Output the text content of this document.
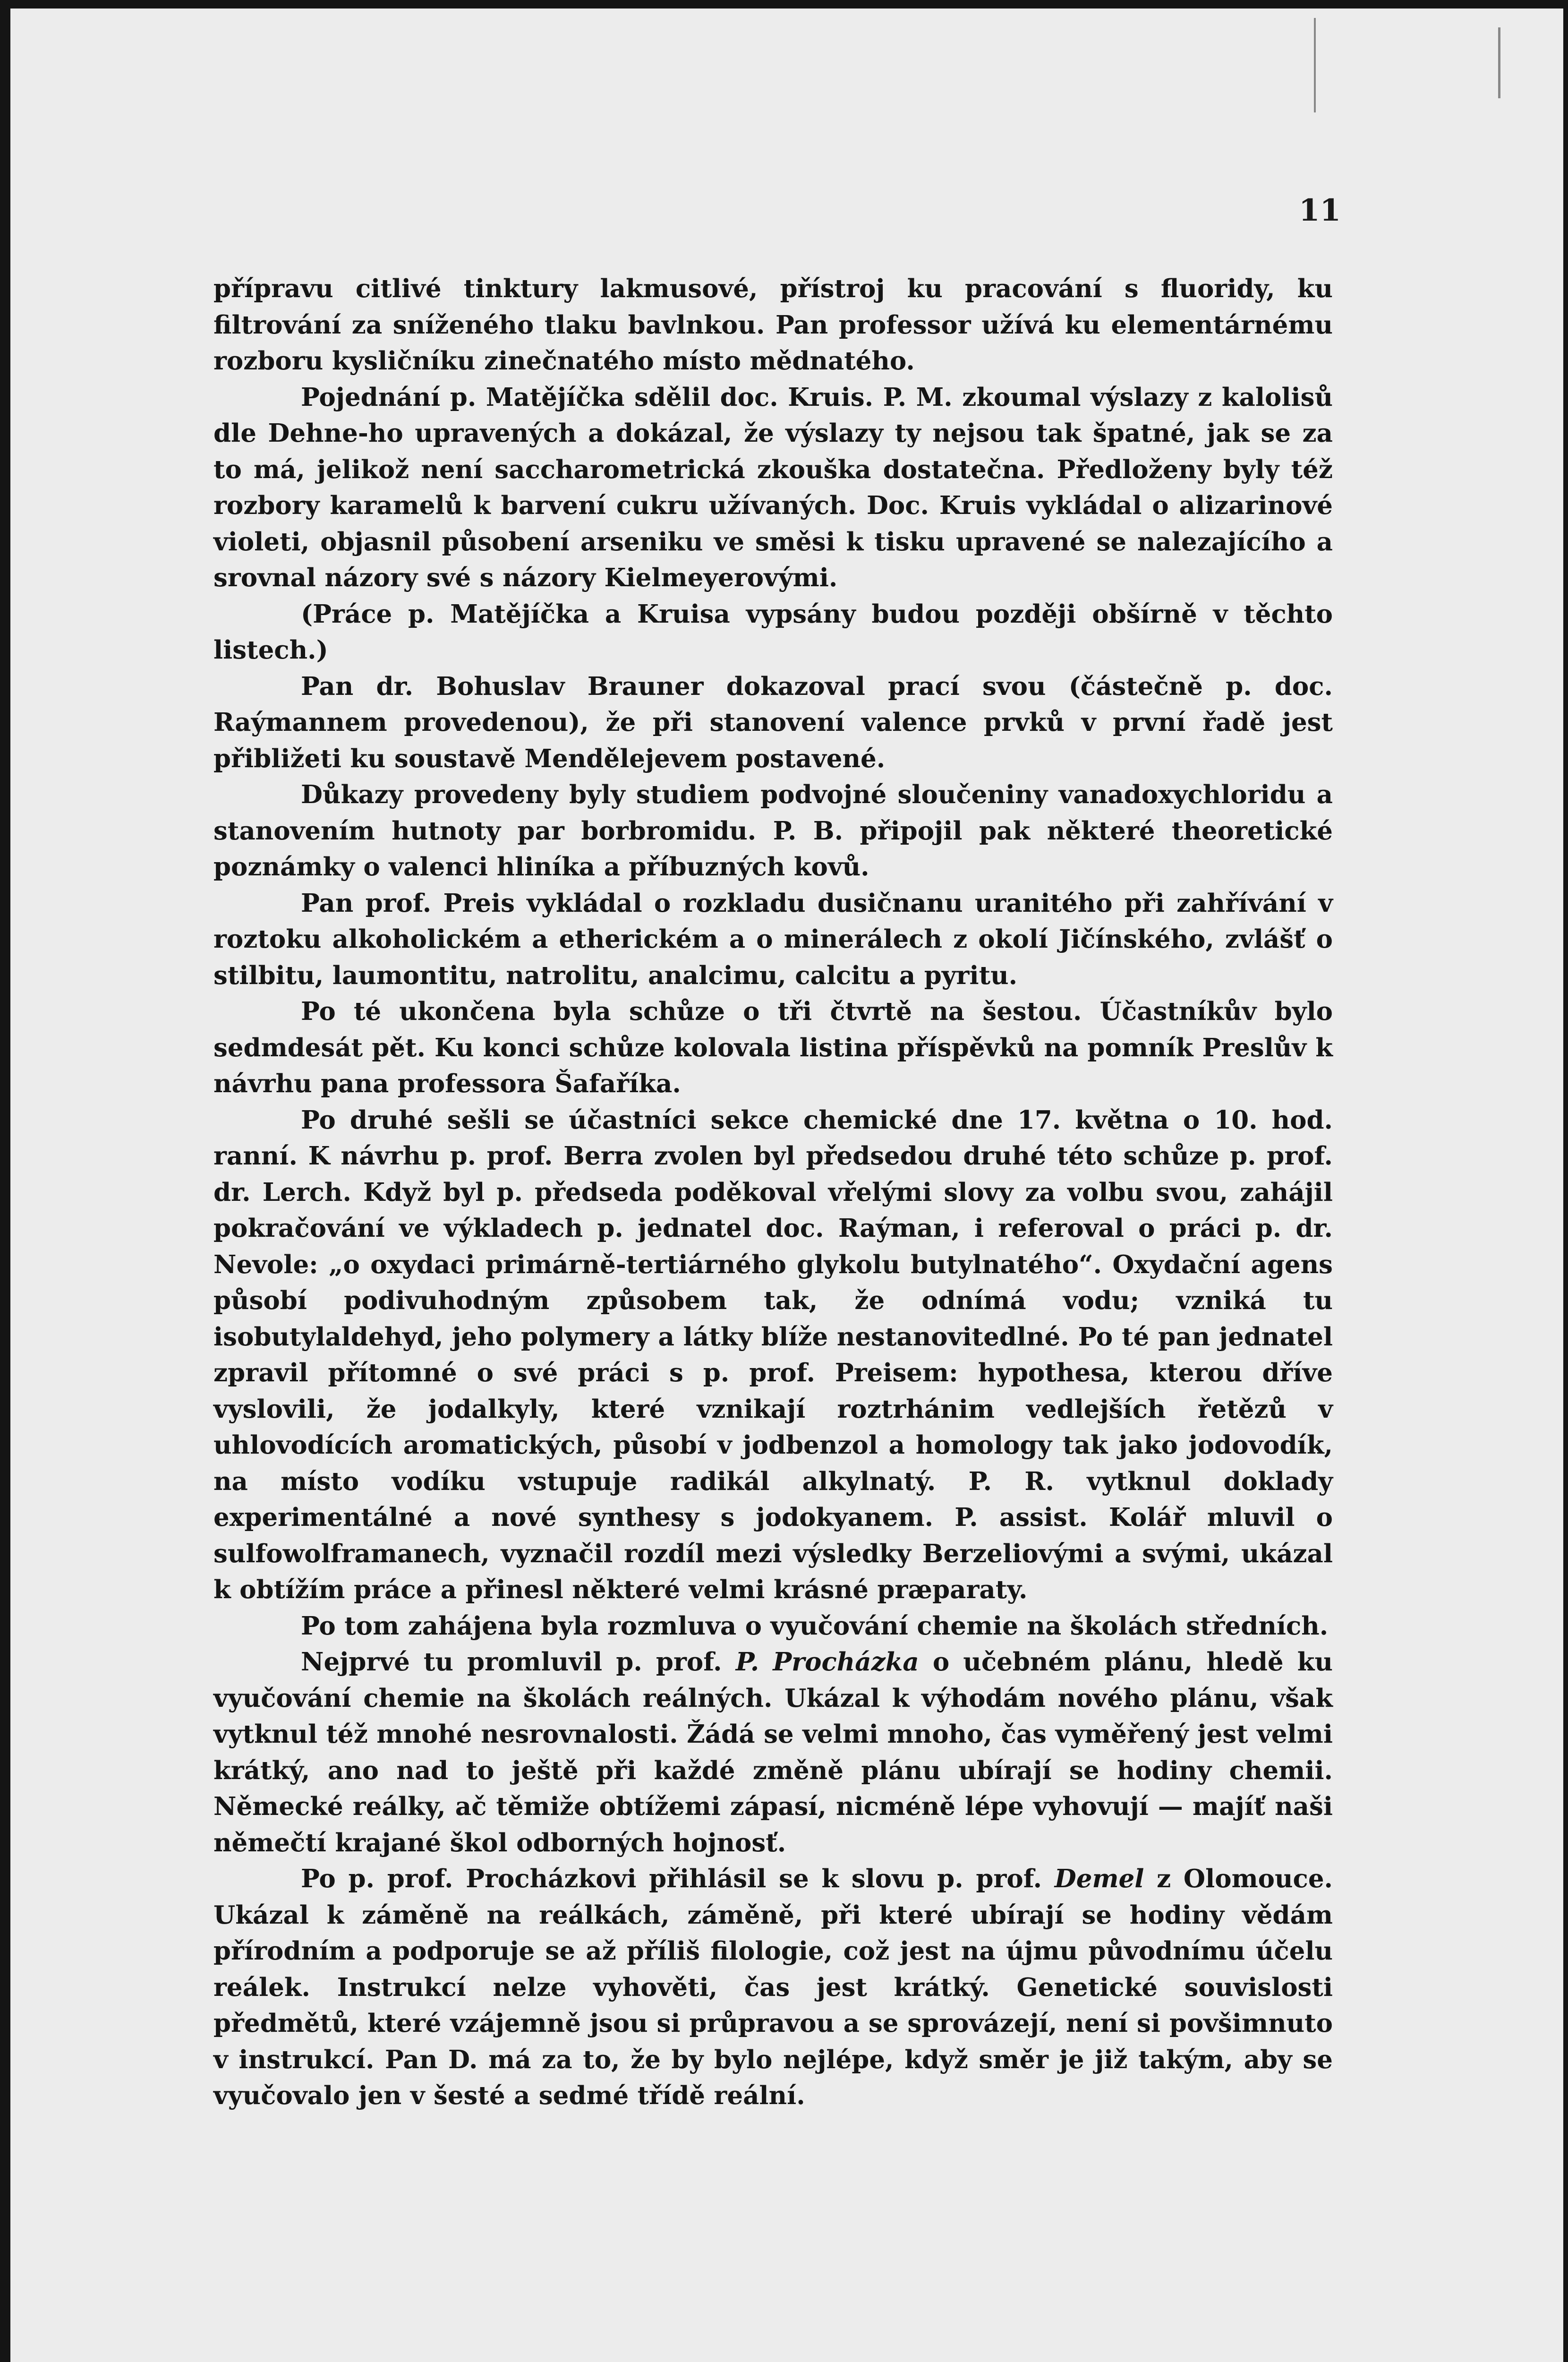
11

přípravu citlivé tinktury lakmusové, přístroj ku pracování s fluoridy, ku filtrování za sníženého tlaku bavlnkou. Pan professor užívá ku elementárnému rozboru kysličníku zinečnatého místo mědnatého.

Pojednání p. Matějíčka sdělil doc. Kruis. P. M. zkoumal výslazy z kalolisů dle Dehne-ho upravených a dokázal, že výslazy ty nejsou tak špatné, jak se za to má, jelikož není saccharometrická zkouška dostatečna. Předloženy byly též rozbory karamelů k barvení cukru užívaných. Doc. Kruis vykládal o alizarinové violeti, objasnil působení arseniku ve směsi k tisku upravené se nalezajícího a srovnal názory své s názory Kielmeyerovými.

(Práce p. Matějíčka a Kruisa vypsány budou později obšírně v těchto listech.)

Pan dr. Bohuslav Brauner dokazoval prací svou (částečně p. doc. Raýmannem provedenou), že při stanovení valence prvků v první řadě jest přibližeti ku soustavě Mendělejevem postavené.

Důkazy provedeny byly studiem podvojné sloučeniny vanadoxychloridu a stanovením hutnoty par borbromidu. P. B. připojil pak některé theoretické poznámky o valenci hliníka a příbuzných kovů.

Pan prof. Preis vykládal o rozkladu dusičnanu uranitého při zahřívání v roztoku alkoholickém a etherickém a o minerálech z okolí Jičínského, zvlášť o stilbitu, laumontitu, natrolitu, analcimu, calcitu a pyritu.

Po té ukončena byla schůze o tři čtvrtě na šestou. Účastníkův bylo sedmdesát pět. Ku konci schůze kolovala listina příspěvků na pomník Preslův k návrhu pana professora Šafaříka.

Po druhé sešli se účastníci sekce chemické dne 17. května o 10. hod. ranní. K návrhu p. prof. Berra zvolen byl předsedou druhé této schůze p. prof. dr. Lerch. Když byl p. předseda poděkoval vřelými slovy za volbu svou, zahájil pokračování ve výkladech p. jednatel doc. Raýman, i referoval o práci p. dr. Nevole: „o oxydaci primárně-tertiárného glykolu butylnatého“. Oxydační agens působí podivuhodným způsobem tak, že odnímá vodu; vzniká tu isobutylaldehyd, jeho polymery a látky blíže nestanovitedlné. Po té pan jednatel zpravil přítomné o své práci s p. prof. Preisem: hypothesa, kterou dříve vyslovili, že jodalkyly, které vznikají roztrhánim vedlejších řetězů v uhlovodících aromatických, působí v jodbenzol a homology tak jako jodovodík, na místo vodíku vstupuje radikál alkylnatý. P. R. vytknul doklady experimentálné a nové synthesy s jodokyanem. P. assist. Kolář mluvil o sulfowolframanech, vyznačil rozdíl mezi výsledky Berzeliovými a svými, ukázal k obtížím práce a přinesl některé velmi krásné præparaty.

Po tom zahájena byla rozmluva o vyučování chemie na školách středních.

Nejprvé tu promluvil p. prof. P. Procházka o učebném plánu, hledě ku vyučování chemie na školách reálných. Ukázal k výhodám nového plánu, však vytknul též mnohé nesrovnalosti. Žádá se velmi mnoho, čas vyměřený jest velmi krátký, ano nad to ještě při každé změně plánu ubírají se hodiny chemii. Německé reálky, ač těmiže obtížemi zápasí, nicméně lépe vyhovují — majíť naši němečtí krajané škol odborných hojnosť.

Po p. prof. Procházkovi přihlásil se k slovu p. prof. Demel z Olomouce. Ukázal k záměně na reálkách, záměně, při které ubírají se hodiny vědám přírodním a podporuje se až příliš filologie, což jest na újmu původnímu účelu reálek. Instrukcí nelze vyhověti, čas jest krátký. Genetické souvislosti předmětů, které vzájemně jsou si průpravou a se sprovázejí, není si povšimnuto v instrukcí. Pan D. má za to, že by bylo nejlépe, když směr je již takým, aby se vyučovalo jen v šesté a sedmé třídě reální.
